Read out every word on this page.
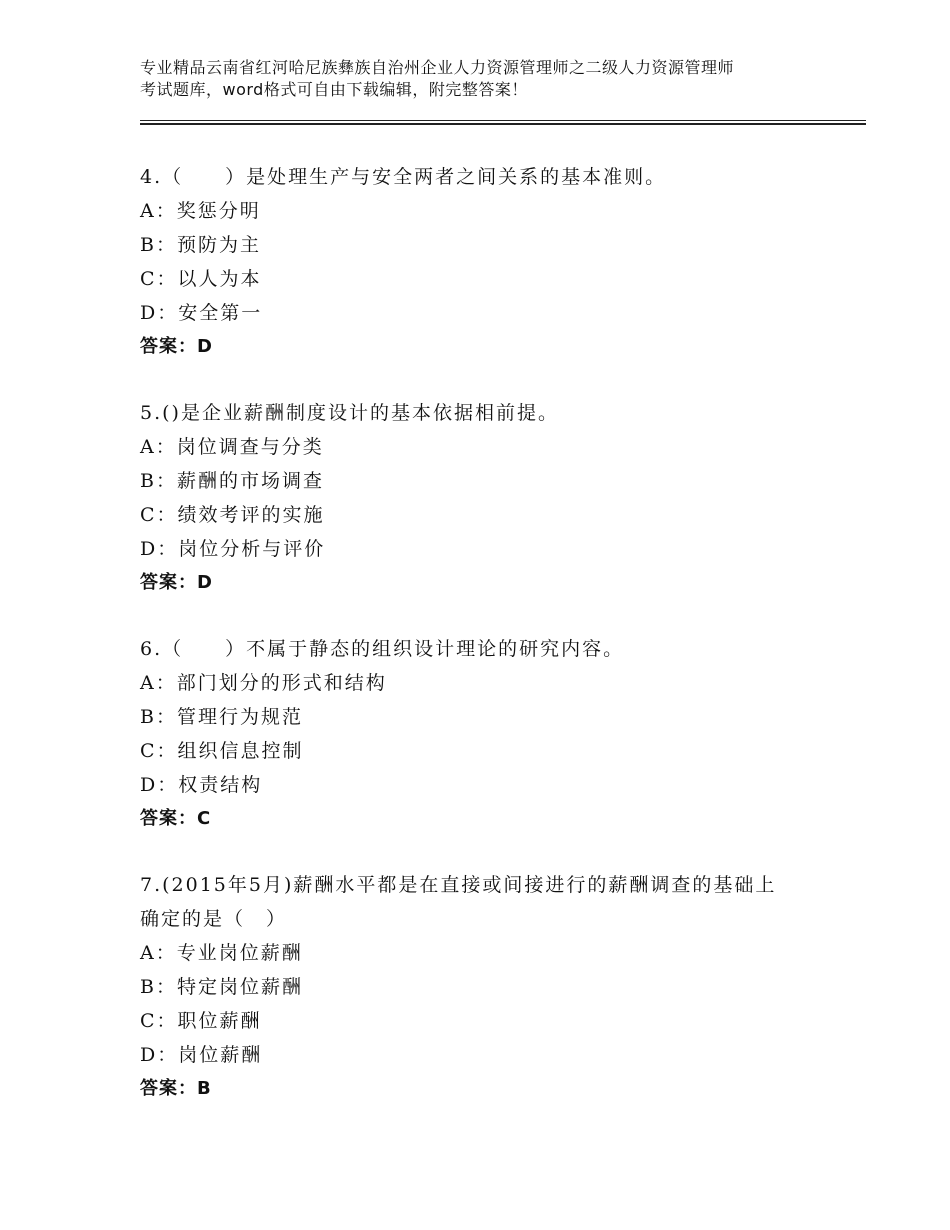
专业精品云南省红河哈尼族彝族自治州企业人力资源管理师之二级人力资源管理师
考试题库，word格式可自由下载编辑，附完整答案！
4.（　　）是处理生产与安全两者之间关系的基本准则。
A：奖惩分明
B：预防为主
C：以人为本
D：安全第一
答案：D
5.()是企业薪酬制度设计的基本依据相前提。
A：岗位调查与分类
B：薪酬的市场调查
C：绩效考评的实施
D：岗位分析与评价
答案：D
6.（　　）不属于静态的组织设计理论的研究内容。
A：部门划分的形式和结构
B：管理行为规范
C：组织信息控制
D：权责结构
答案：C
7.(2015年5月)薪酬水平都是在直接或间接进行的薪酬调查的基础上
确定的是（　）
A：专业岗位薪酬
B：特定岗位薪酬
C：职位薪酬
D：岗位薪酬
答案：B
